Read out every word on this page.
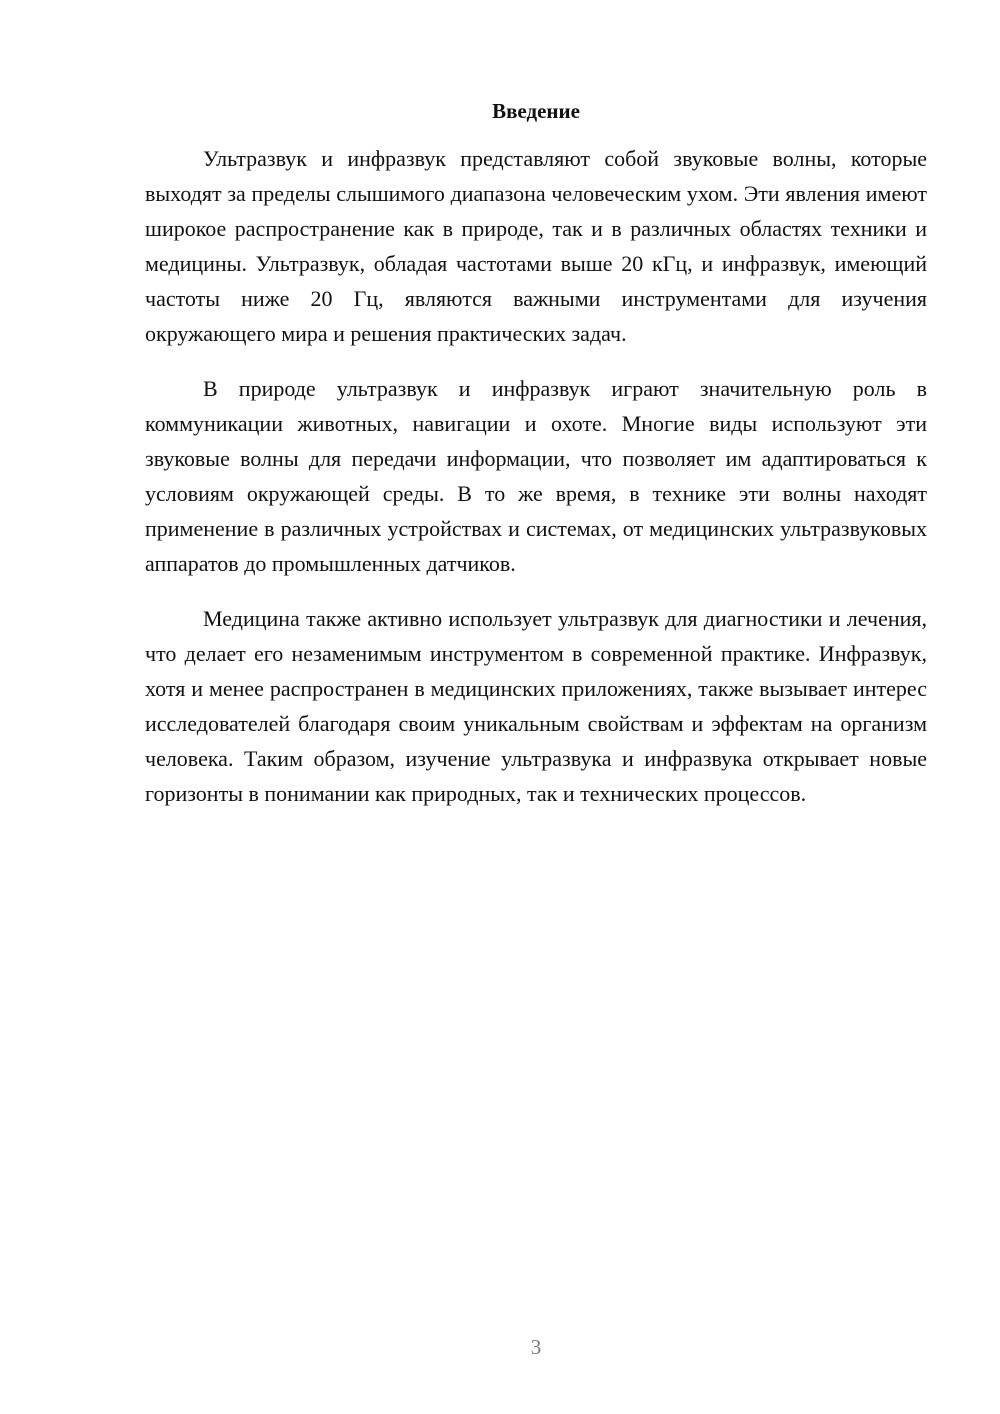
Введение

Ультразвук и инфразвук представляют собой звуковые волны, которые выходят за пределы слышимого диапазона человеческим ухом. Эти явления имеют широкое распространение как в природе, так и в различных областях техники и медицины. Ультразвук, обладая частотами выше 20 кГц, и инфразвук, имеющий частоты ниже 20 Гц, являются важными инструментами для изучения окружающего мира и решения практических задач.

В природе ультразвук и инфразвук играют значительную роль в коммуникации животных, навигации и охоте. Многие виды используют эти звуковые волны для передачи информации, что позволяет им адаптироваться к условиям окружающей среды. В то же время, в технике эти волны находят применение в различных устройствах и системах, от медицинских ультразвуковых аппаратов до промышленных датчиков.

Медицина также активно использует ультразвук для диагностики и лечения, что делает его незаменимым инструментом в современной практике. Инфразвук, хотя и менее распространен в медицинских приложениях, также вызывает интерес исследователей благодаря своим уникальным свойствам и эффектам на организм человека. Таким образом, изучение ультразвука и инфразвука открывает новые горизонты в понимании как природных, так и технических процессов.

3
